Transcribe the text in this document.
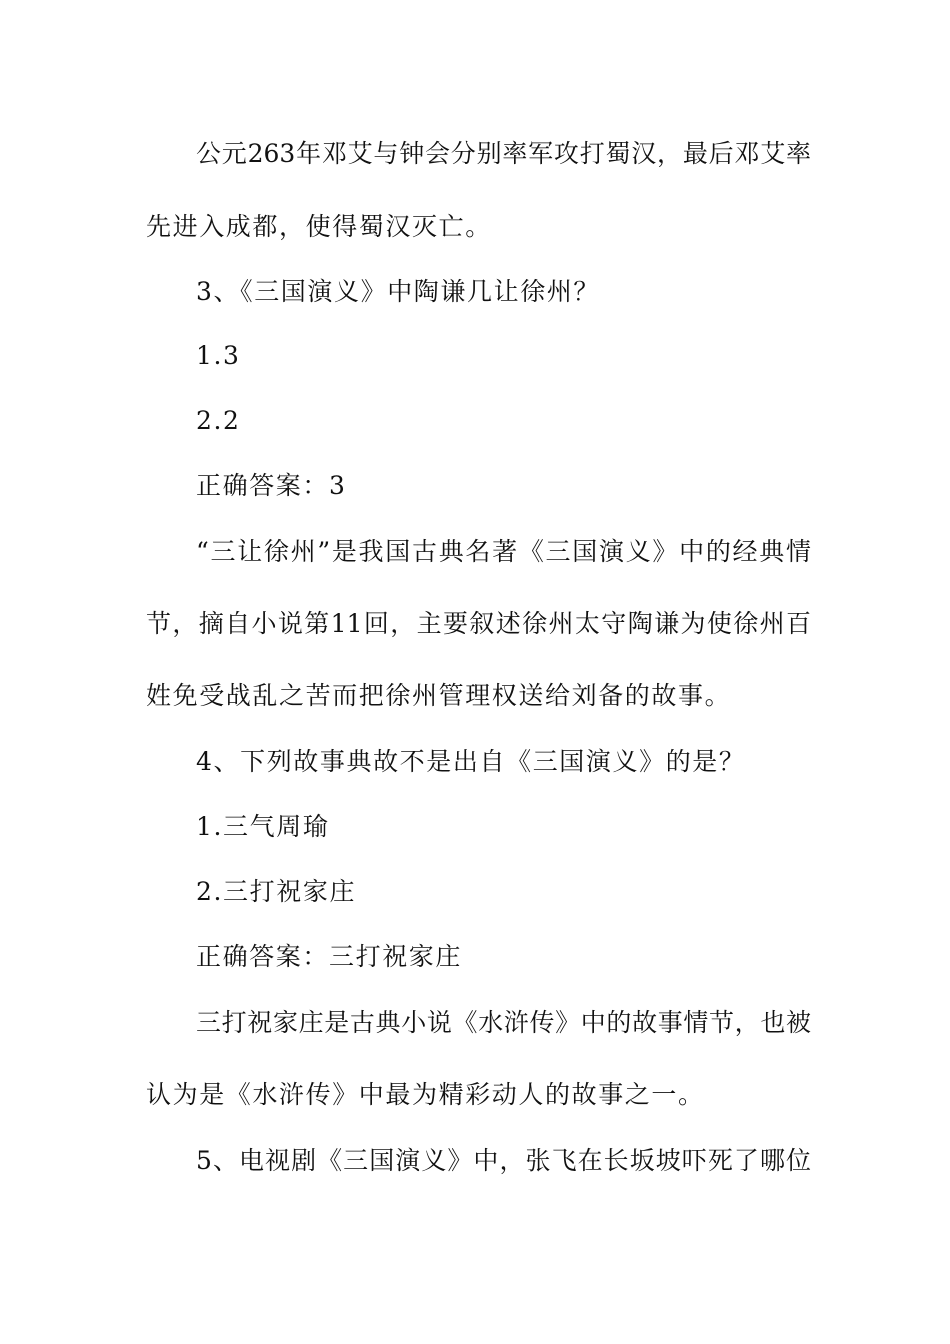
公元263年邓艾与钟会分别率军攻打蜀汉，最后邓艾率
先进入成都，使得蜀汉灭亡。
3、《三国演义》中陶谦几让徐州？
1.3
2.2
正确答案：3
“三让徐州”是我国古典名著《三国演义》中的经典情
节，摘自小说第11回，主要叙述徐州太守陶谦为使徐州百
姓免受战乱之苦而把徐州管理权送给刘备的故事。
4、下列故事典故不是出自《三国演义》的是？
1.三气周瑜
2.三打祝家庄
正确答案：三打祝家庄
三打祝家庄是古典小说《水浒传》中的故事情节，也被
认为是《水浒传》中最为精彩动人的故事之一。
5、电视剧《三国演义》中，张飞在长坂坡吓死了哪位
